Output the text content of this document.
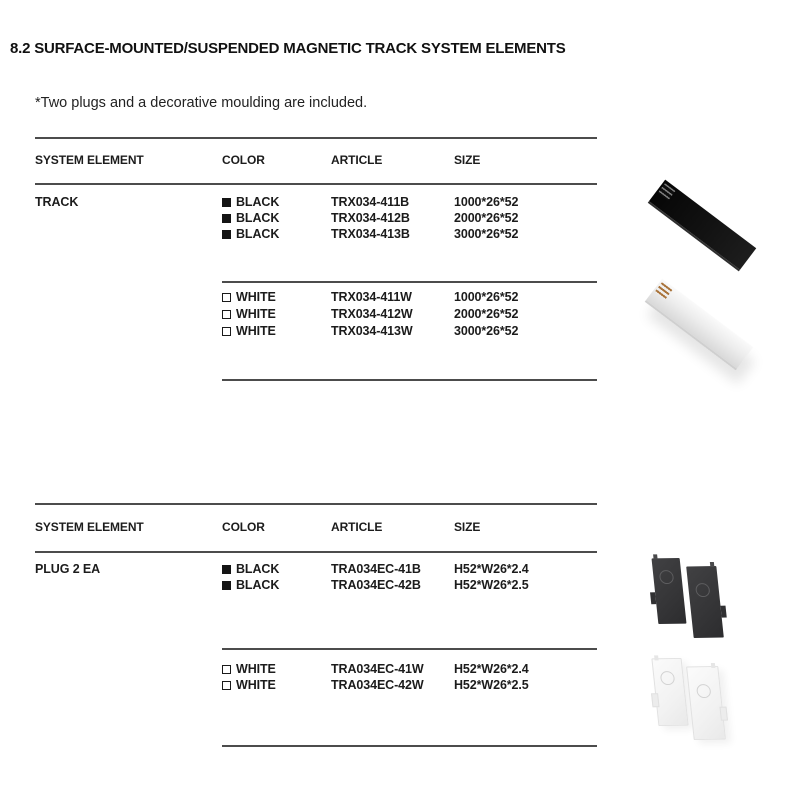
8.2 SURFACE-MOUNTED/SUSPENDED MAGNETIC TRACK SYSTEM ELEMENTS
*Two plugs and a decorative moulding are included.
SYSTEM ELEMENT	COLOR	ARTICLE	SIZE
TRACK	BLACK	TRX034-411B	1000*26*52
BLACK	TRX034-412B	2000*26*52
BLACK	TRX034-413B	3000*26*52
WHITE	TRX034-411W	1000*26*52
WHITE	TRX034-412W	2000*26*52
WHITE	TRX034-413W	3000*26*52
SYSTEM ELEMENT	COLOR	ARTICLE	SIZE
PLUG 2 EA	BLACK	TRA034EC-41B	H52*W26*2.4
BLACK	TRA034EC-42B	H52*W26*2.5
WHITE	TRA034EC-41W	H52*W26*2.4
WHITE	TRA034EC-42W	H52*W26*2.5
